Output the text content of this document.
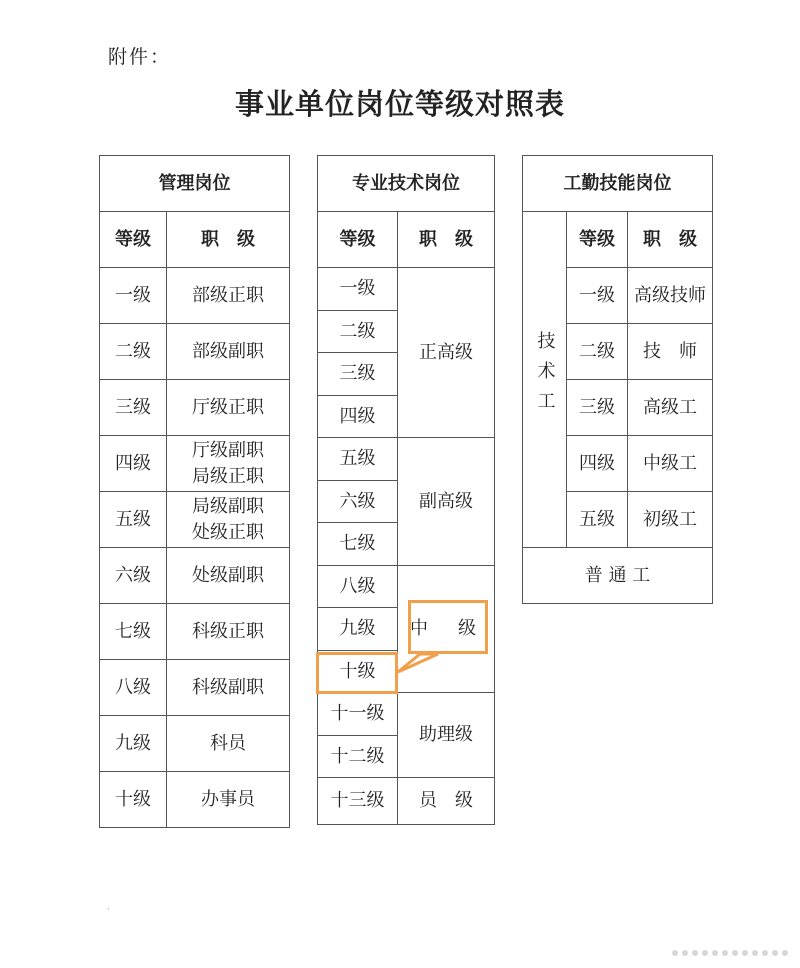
附件：
事业单位岗位等级对照表
管理岗位	
等级	职　级
一级	部级正职
二级	部级副职
三级	厅级正职
四级	厅级副职
局级正职

五级	局级副职
处级正职

六级	处级副职
七级	科级正职
八级	科级副职
九级	科员
十级	办事员
专业技术岗位	
等级	职　级
一级	正高级
二级	
三级	
四级	
五级	副高级
六级	
七级	
八级	中　级
九级	
十级	
十一级	助理级
十二级	
十三级	员　级
工勤技能岗位		
技术工	等级	职　级
	一级	高级技师
	二级	技　师
	三级	高级工
	四级	中级工
	五级	初级工
普 通 工		
·
